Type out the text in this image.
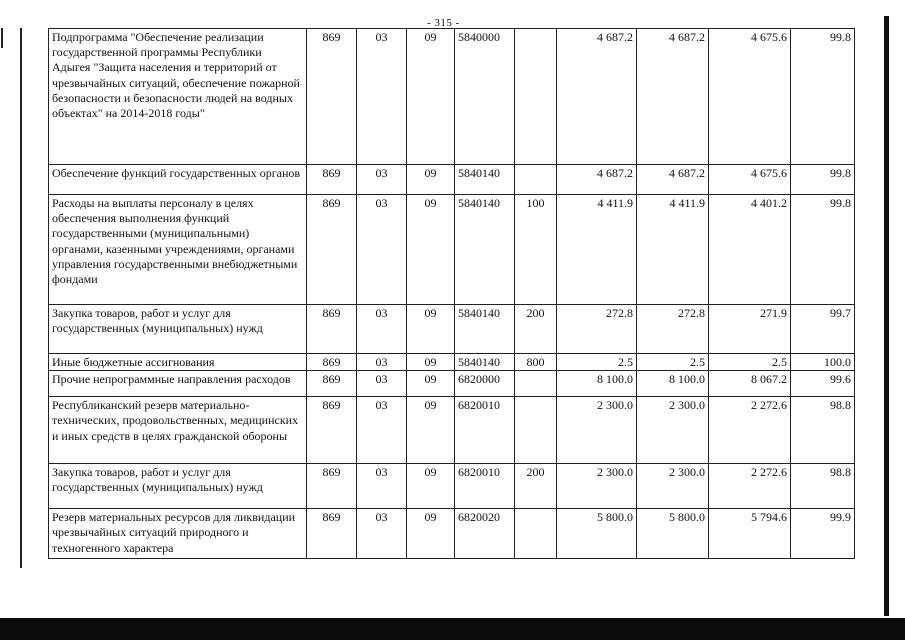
- 315 -
Подпрограмма "Обеспечение реализации государственной программы Республики Адыгея "Защита населения и территорий от чрезвычайных ситуаций, обеспечение пожарной безопасности и безопасности людей на водных объектах" на 2014-2018 годы"	869	03	09	5840000		4 687.2	4 687.2	4 675.6	99.8
Обеспечение функций государственных органов	869	03	09	5840140		4 687.2	4 687.2	4 675.6	99.8
Расходы на выплаты персоналу в целях обеспечения выполнения функций государственными (муниципальными) органами, казенными учреждениями, органами управления государственными внебюджетными фондами	869	03	09	5840140	100	4 411.9	4 411.9	4 401.2	99.8
Закупка товаров, работ и услуг для государственных (муниципальных) нужд	869	03	09	5840140	200	272.8	272.8	271.9	99.7
Иные бюджетные ассигнования	869	03	09	5840140	800	2.5	2.5	2.5	100.0
Прочие непрограммные направления расходов	869	03	09	6820000		8 100.0	8 100.0	8 067.2	99.6
Республиканский резерв материально-технических, продовольственных, медицинских и иных средств в целях гражданской обороны	869	03	09	6820010		2 300.0	2 300.0	2 272.6	98.8
Закупка товаров, работ и услуг для государственных (муниципальных) нужд	869	03	09	6820010	200	2 300.0	2 300.0	2 272.6	98.8
Резерв материальных ресурсов для ликвидации чрезвычайных ситуаций природного и техногенного характера	869	03	09	6820020		5 800.0	5 800.0	5 794.6	99.9
